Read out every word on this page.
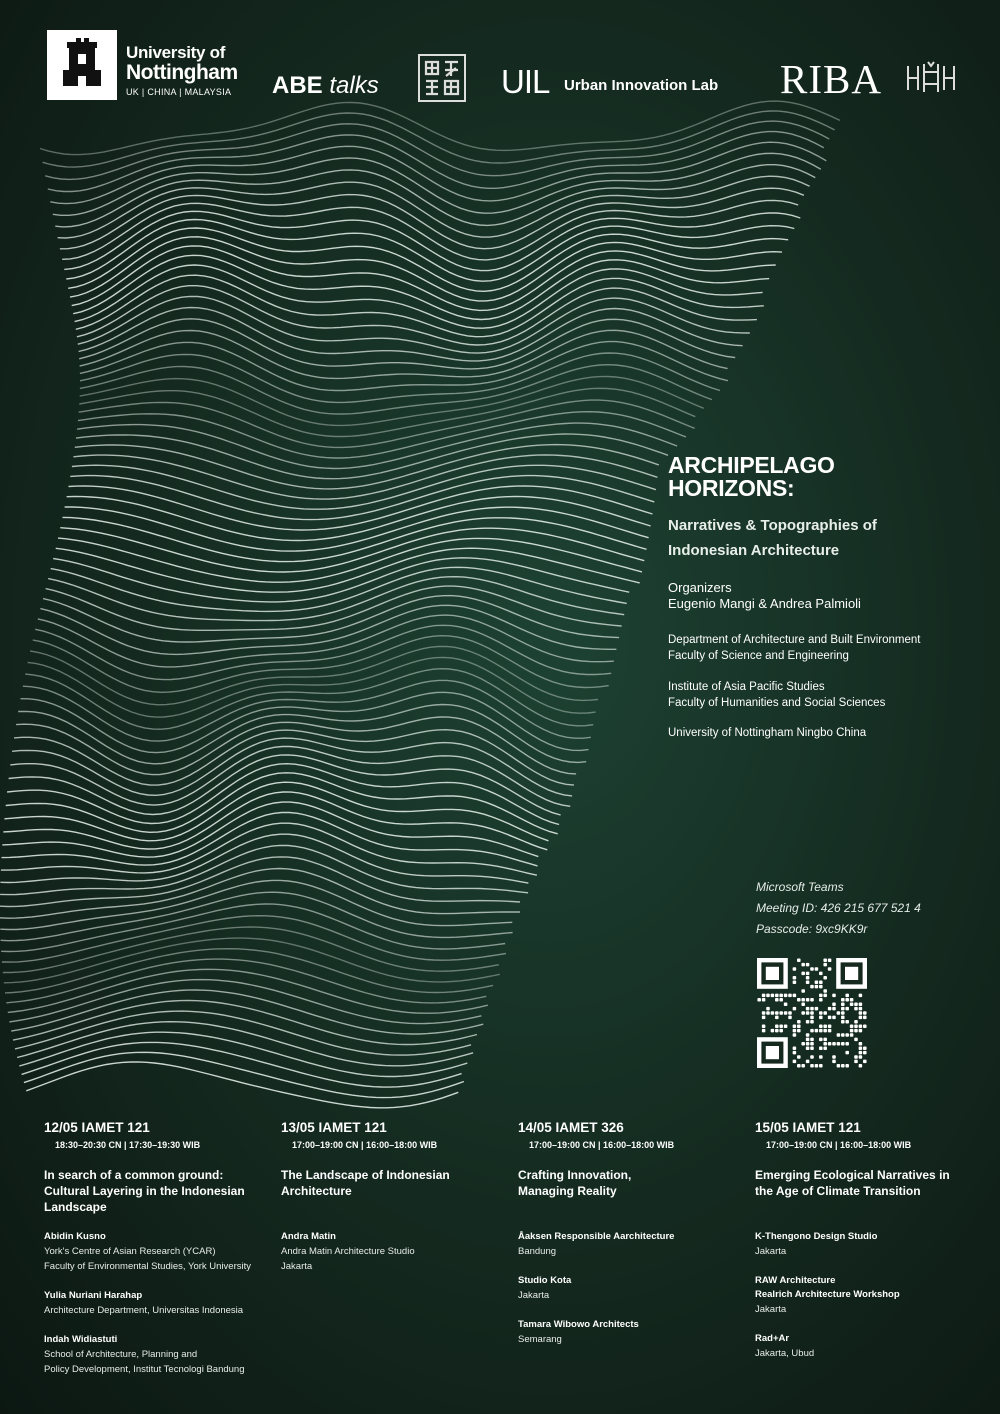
University of
Nottingham
UK | CHINA | MALAYSIA ABE talks	UIL Urban Innovation Lab RIBA
ARCHIPELAGO
HORIZONS:
Narratives & Topographies of
Indonesian Architecture
Organizers
Eugenio Mangi & Andrea Palmioli
Department of Architecture and Built Environment
Faculty of Science and Engineering
Institute of Asia Pacific Studies
Faculty of Humanities and Social Sciences
University of Nottingham Ningbo China
Microsoft Teams
Meeting ID: 426 215 677 521 4
Passcode: 9xc9KK9r
12/05 IAMET 121
18:30–20:30 CN | 17:30–19:30 WIB
In search of a common ground: Cultural Layering in the Indonesian Landscape
Abidin Kusno
York's Centre of Asian Research (YCAR)
Faculty of Environmental Studies, York University
Yulia Nuriani Harahap
Architecture Department, Universitas Indonesia
Indah Widiastuti
School of Architecture, Planning and
Policy Development, Institut Tecnologi Bandung
13/05 IAMET 121
17:00–19:00 CN | 16:00–18:00 WIB
The Landscape of Indonesian Architecture
Andra Matin
Andra Matin Architecture Studio
Jakarta
14/05 IAMET 326
17:00–19:00 CN | 16:00–18:00 WIB
Crafting Innovation, Managing Reality
Åaksen Responsible Aarchitecture
Bandung
Studio Kota
Jakarta
Tamara Wibowo Architects
Semarang
15/05 IAMET 121
17:00–19:00 CN | 16:00–18:00 WIB
Emerging Ecological Narratives in the Age of Climate Transition
K-Thengono Design Studio
Jakarta
RAW Architecture
Realrich Architecture Workshop
Jakarta
Rad+Ar
Jakarta, Ubud
